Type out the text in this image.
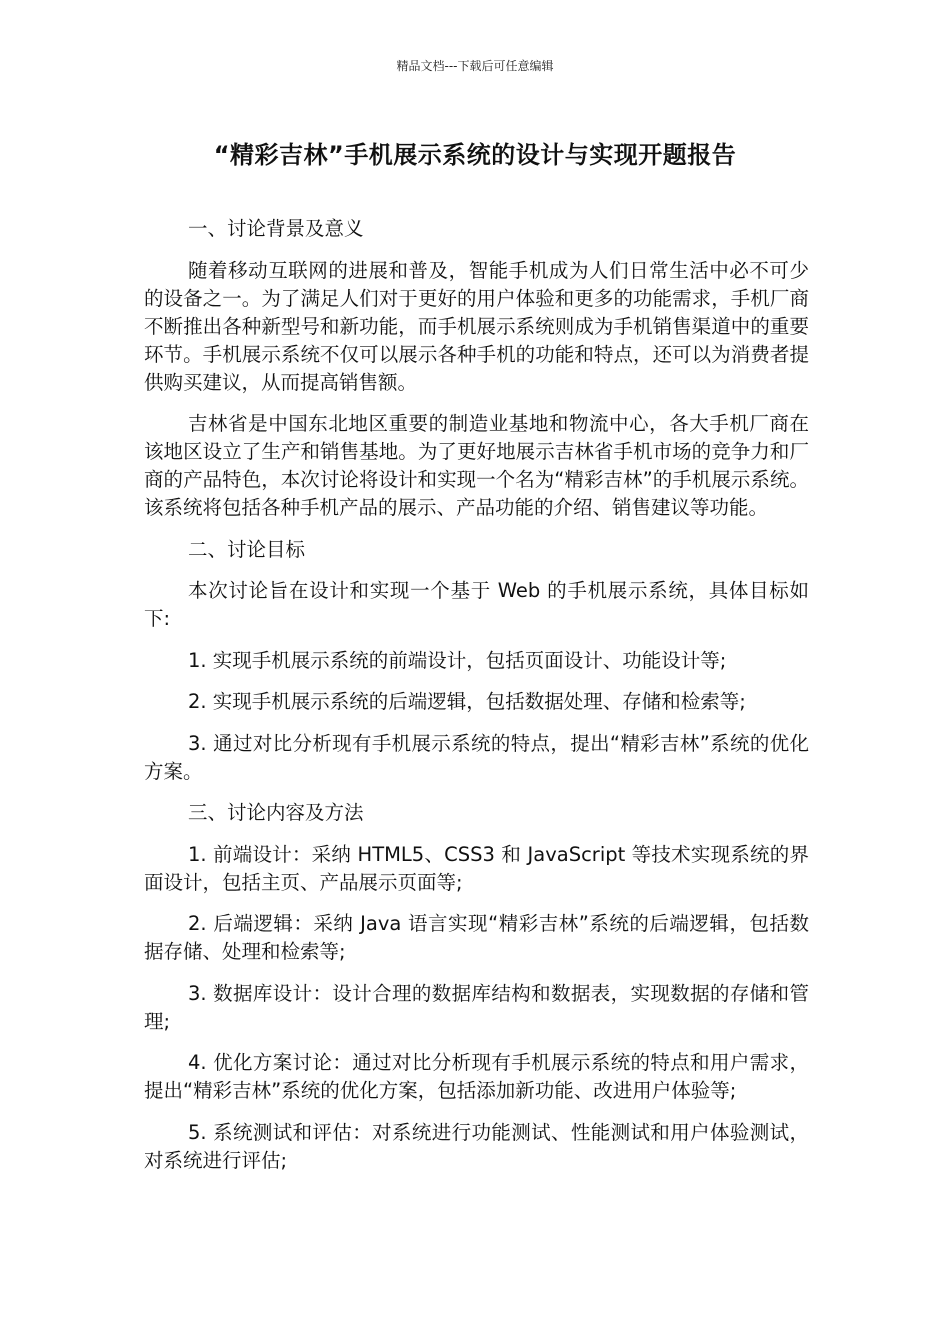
精品文档---下载后可任意编辑
“精彩吉林”手机展示系统的设计与实现开题报告

一、讨论背景及意义

随着移动互联网的进展和普及，智能手机成为人们日常生活中必不可少的设备之一。为了满足人们对于更好的用户体验和更多的功能需求，手机厂商不断推出各种新型号和新功能，而手机展示系统则成为手机销售渠道中的重要环节。手机展示系统不仅可以展示各种手机的功能和特点，还可以为消费者提供购买建议，从而提高销售额。

吉林省是中国东北地区重要的制造业基地和物流中心，各大手机厂商在该地区设立了生产和销售基地。为了更好地展示吉林省手机市场的竞争力和厂商的产品特色，本次讨论将设计和实现一个名为“精彩吉林”的手机展示系统。该系统将包括各种手机产品的展示、产品功能的介绍、销售建议等功能。

二、讨论目标

本次讨论旨在设计和实现一个基于 Web 的手机展示系统，具体目标如下:

1. 实现手机展示系统的前端设计，包括页面设计、功能设计等;

2. 实现手机展示系统的后端逻辑，包括数据处理、存储和检索等;

3. 通过对比分析现有手机展示系统的特点，提出“精彩吉林”系统的优化方案。

三、讨论内容及方法

1. 前端设计：采纳 HTML5、CSS3 和 JavaScript 等技术实现系统的界面设计，包括主页、产品展示页面等;

2. 后端逻辑：采纳 Java 语言实现“精彩吉林”系统的后端逻辑，包括数据存储、处理和检索等;

3. 数据库设计：设计合理的数据库结构和数据表，实现数据的存储和管理;

4. 优化方案讨论：通过对比分析现有手机展示系统的特点和用户需求，提出“精彩吉林”系统的优化方案，包括添加新功能、改进用户体验等;

5. 系统测试和评估：对系统进行功能测试、性能测试和用户体验测试，对系统进行评估;
